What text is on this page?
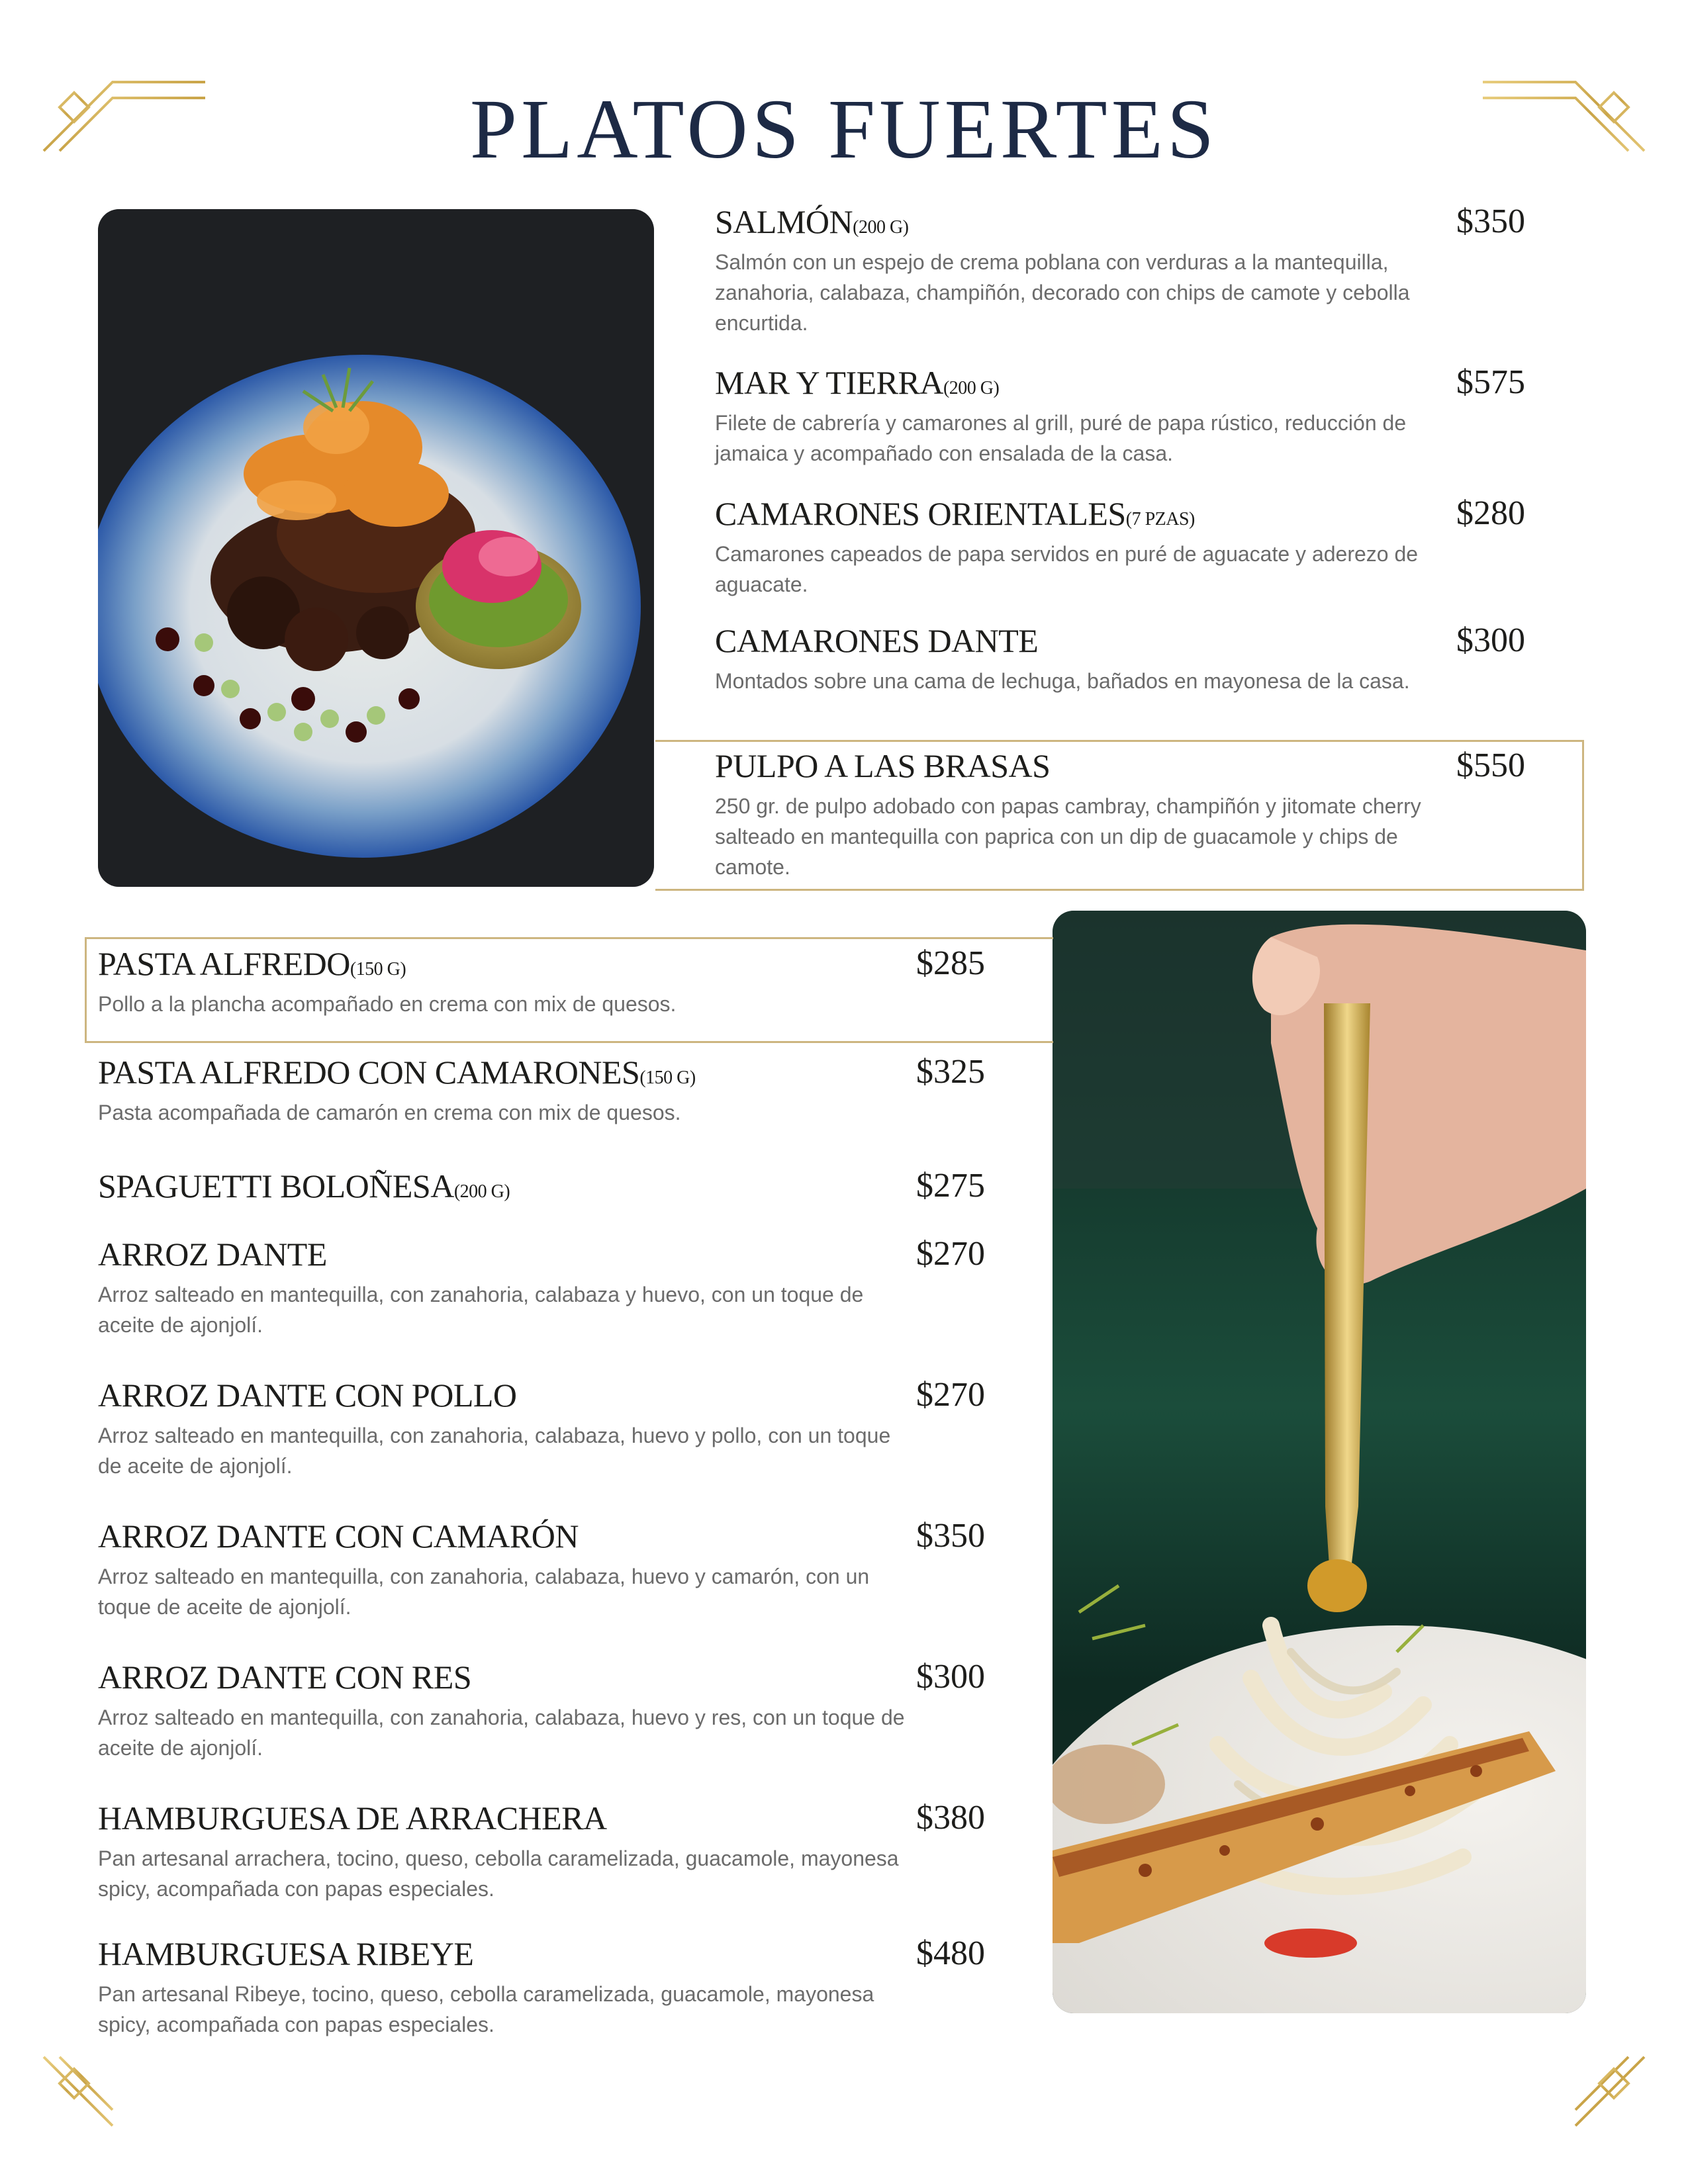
PLATOS FUERTES
SALMÓN(200 G)	$350
Salmón con un espejo de crema poblana con verduras a la mantequilla, zanahoria, calabaza, champiñón, decorado con chips de camote y cebolla encurtida.
MAR Y TIERRA(200 G)	$575
Filete de cabrería y camarones al grill, puré de papa rústico, reducción de jamaica y acompañado con ensalada de la casa.
CAMARONES ORIENTALES(7 PZAS)	$280
Camarones capeados de papa servidos en puré de aguacate y aderezo de aguacate.
CAMARONES DANTE	$300
Montados sobre una cama de lechuga, bañados en mayonesa de la casa.
PULPO A LAS BRASAS	$550
250 gr. de pulpo adobado con papas cambray, champiñón y jitomate cherry salteado en mantequilla con paprica con un dip de guacamole y chips de camote.
PASTA ALFREDO(150 G)	$285
Pollo a la plancha acompañado en crema con mix de quesos.
PASTA ALFREDO CON CAMARONES(150 G)	$325
Pasta acompañada de camarón en crema con mix de quesos.
SPAGUETTI BOLOÑESA(200 G)	$275
ARROZ DANTE	$270
Arroz salteado en mantequilla, con zanahoria, calabaza y huevo, con un toque de aceite de ajonjolí.
ARROZ DANTE CON POLLO	$270
Arroz salteado en mantequilla, con zanahoria, calabaza, huevo y pollo, con un toque de aceite de ajonjolí.
ARROZ DANTE CON CAMARÓN	$350
Arroz salteado en mantequilla, con zanahoria, calabaza, huevo y camarón, con un toque de aceite de ajonjolí.
ARROZ DANTE CON RES	$300
Arroz salteado en mantequilla, con zanahoria, calabaza, huevo y res, con un toque de aceite de ajonjolí.
HAMBURGUESA DE ARRACHERA	$380
Pan artesanal arrachera, tocino, queso, cebolla caramelizada, guacamole, mayonesa spicy, acompañada con papas especiales.
HAMBURGUESA RIBEYE	$480
Pan artesanal Ribeye, tocino, queso, cebolla caramelizada, guacamole, mayonesa spicy, acompañada con papas especiales.
